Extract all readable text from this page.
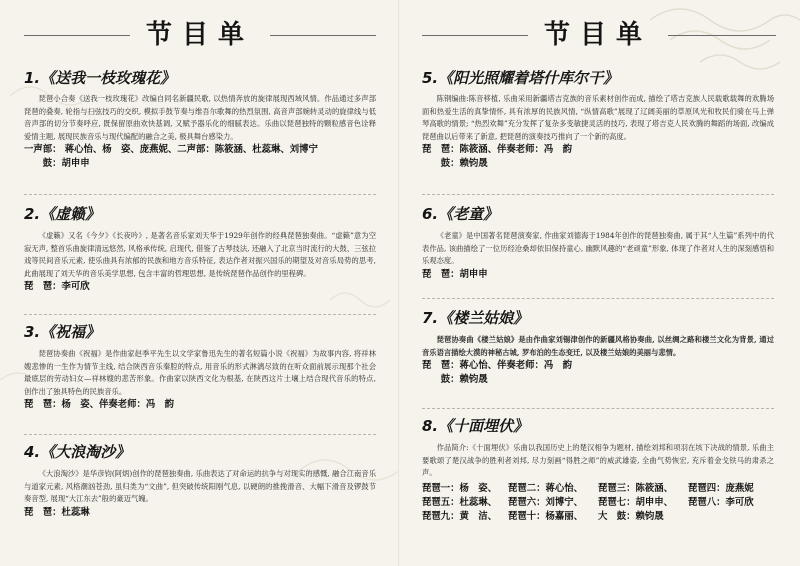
节目单
1.《送我一枝玫瑰花》

琵琶小合奏《送我一枝玫瑰花》改编自同名新疆民歌, 以热情奔放的旋律展现西域风情。作品通过多声部琵琶的叠奏, 轮指与扫弦技巧的交织, 模拟手鼓节奏与维吾尔歌舞的热烈氛围, 高音声部婉转灵动的旋律线与低音声部的切分节奏呼应, 既保留原曲欢快基调, 又赋予器乐化的细腻表达。乐曲以琵琶独特的颗粒感音色诠释爱情主题, 展现民族音乐与现代编配的融合之美, 极具舞台感染力。

一声部： 蒋心怡、杨　姿、庞燕妮、二声部：陈筱涵、杜蕊琳、刘博宁
　　鼓：胡申申
2.《虚籁》

《虚籁》又名《今夕》《长夜吟》, 是著名音乐家刘天华于1929年创作的经典琵琶独奏曲。“虚籁”意为空寂无声, 整首乐曲旋律清远悠然, 风格承传统, 启现代, 借鉴了古琴技法, 还融入了北京当时流行的大鼓、三弦拉戏等民间音乐元素, 使乐曲具有浓郁的民族和地方音乐特征, 表达作者对振兴国乐的期望及对音乐局势的思考, 此曲展现了刘天华的音乐美学思想, 包含丰富的哲理思想, 是传统琵琶作品创作的里程碑。

琵　琶：李可欣
3.《祝福》

琵琶协奏曲《祝福》是作曲家赵季平先生以文学家鲁迅先生的著名短篇小说《祝福》为故事内容, 将祥林嫂悲惨的一生作为情节主线, 结合陕西音乐秦腔的特点, 用音乐的形式淋漓尽致的在听众面前展示现那个社会最底层的劳动妇女—祥林嫂的悲苦形象。作曲家以陕西文化为根基, 在陕西这片土壤上结合现代音乐的特点, 创作出了独具特色的民族音乐。

琵　琶：杨　姿、伴奏老师：冯　韵
4.《大浪淘沙》

《大浪淘沙》是华彦钧(阿炳)创作的琵琶独奏曲, 乐曲表达了对命运的抗争与对现实的感慨, 融合江南音乐与道家元素, 风格潮汹苍劲, 虽归类为“文曲”, 但突破传统阳刚气息, 以硬朗的推挽滑音、大幅下滑音及锣鼓节奏音型, 展现“大江东去”般的豪迈气魄。

琵　琶：杜蕊琳
节目单
5.《阳光照耀着塔什库尔干》

陈钢编曲:陈音移植, 乐曲采用新疆塔吉克族的音乐素材创作而成, 描绘了塔吉克族人民载歌载舞的欢腾场面和热爱生活的真挚情怀, 具有浓厚的民族风情, “纵情高歌”展现了辽阔美丽的草原风光和牧民们骑在马上弹琴高歌的情景; “热烈欢舞”充分发挥了复杂多变敏捷灵活的技巧, 表现了塔吉克人民欢腾的舞蹈的场面, 改编成琵琶曲以后带来了新意, 把琵琶的演奏技巧推向了一个新的高度。

琵　琶：陈筱涵、伴奏老师：冯　韵
　　鼓：赖钧晟
6.《老童》

《老童》是中国著名琵琶演奏家, 作曲家刘德海于1984年创作的琵琶独奏曲, 属于其“人生篇”系列中的代表作品, 该曲描绘了一位历经沧桑却依旧保持童心, 幽默风趣的“老顽童”形象, 体现了作者对人生的深刻感悟和乐观态度。

琵　琶：胡申申
7.《楼兰姑娘》

琵琶协奏曲《楼兰姑娘》是由作曲家刘锡津创作的新疆风格协奏曲, 以丝绸之路和楼兰文化为背景, 通过音乐语言描绘大漠的神秘古城, 罗布泊的生态变迁, 以及楼兰姑娘的美丽与悲情。

琵　琶：蒋心怡、伴奏老师：冯　韵
　　鼓：赖钧晟
8.《十面埋伏》

作品简介:《十面埋伏》乐曲以我国历史上的楚汉相争为题材, 描绘刘邦和项羽在垓下决战的情景, 乐曲主要歌颂了楚汉战争的胜利者刘邦, 尽力刻画“得胜之师”的威武雄姿, 全曲气势恢宏, 充斥着金戈铁马的肃杀之声。

琵琶一：杨　姿、	琵琶二：蒋心怡、	琵琶三：陈筱涵、	琵琶四：庞燕妮
琵琶五：杜蕊琳、	琵琶六：刘博宁、	琵琶七：胡申申、	琵琶八：李可欣
琵琶九：黄　洁、	琵琶十：杨嘉丽、	大　鼓：赖钧晟
